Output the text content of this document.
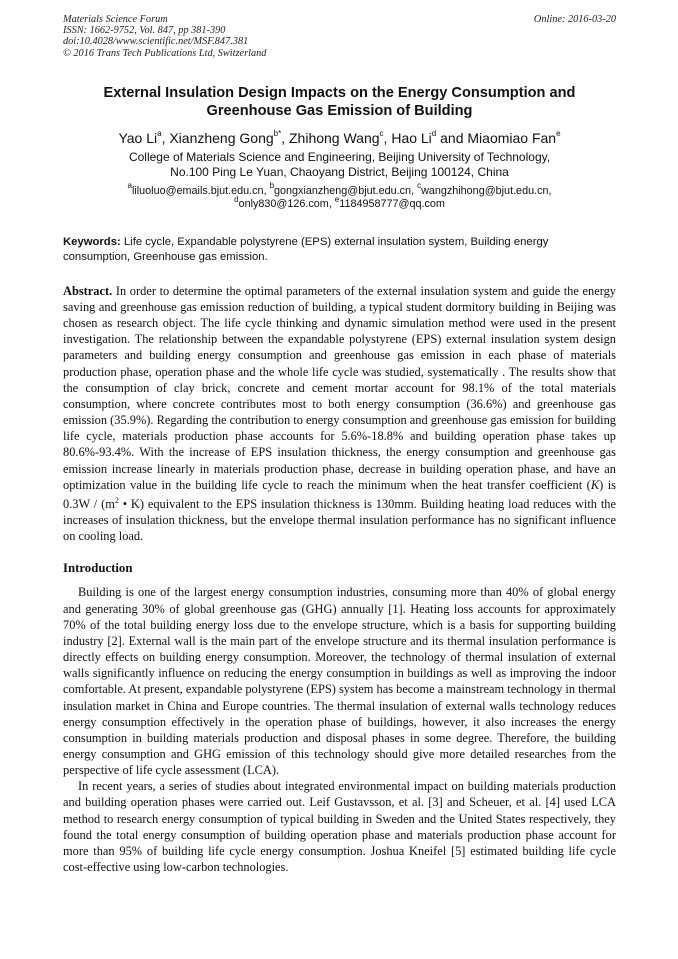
Materials Science Forum
ISSN: 1662-9752, Vol. 847, pp 381-390
doi:10.4028/www.scientific.net/MSF.847.381
© 2016 Trans Tech Publications Ltd, Switzerland
Online: 2016-03-20
External Insulation Design Impacts on the Energy Consumption and
Greenhouse Gas Emission of Building
Yao Li$^a$, Xianzheng Gong$^{b*}$, Zhihong Wang$^c$, Hao Li$^d$ and Miaomiao Fan$^e$
College of Materials Science and Engineering, Beijing University of Technology,
No.100 Ping Le Yuan, Chaoyang District, Beijing 100124, China
$^a$liluoluo@emails.bjut.edu.cn, $^b$gongxianzheng@bjut.edu.cn, $^c$wangzhihong@bjut.edu.cn,
$^d$only830@126.com, $^e$1184958777@qq.com
Keywords: Life cycle, Expandable polystyrene (EPS) external insulation system, Building energy consumption, Greenhouse gas emission.
Abstract. In order to determine the optimal parameters of the external insulation system and guide the energy saving and greenhouse gas emission reduction of building, a typical student dormitory building in Beijing was chosen as research object. The life cycle thinking and dynamic simulation method were used in the present investigation. The relationship between the expandable polystyrene (EPS) external insulation system design parameters and building energy consumption and greenhouse gas emission in each phase of materials production phase, operation phase and the whole life cycle was studied, systematically . The results show that the consumption of clay brick, concrete and cement mortar account for 98.1% of the total materials consumption, where concrete contributes most to both energy consumption (36.6%) and greenhouse gas emission (35.9%). Regarding the contribution to energy consumption and greenhouse gas emission for building life cycle, materials production phase accounts for 5.6%-18.8% and building operation phase takes up 80.6%-93.4%. With the increase of EPS insulation thickness, the energy consumption and greenhouse gas emission increase linearly in materials production phase, decrease in building operation phase, and have an optimization value in the building life cycle to reach the minimum when the heat transfer coefficient (K) is $0.3W / (m^2$ • K) equivalent to the EPS insulation thickness is 130mm. Building heating load reduces with the increases of insulation thickness, but the envelope thermal insulation performance has no significant influence on cooling load.
Introduction
Building is one of the largest energy consumption industries, consuming more than 40% of global energy and generating 30% of global greenhouse gas (GHG) annually [1]. Heating loss accounts for approximately 70% of the total building energy loss due to the envelope structure, which is a basis for supporting building industry [2]. External wall is the main part of the envelope structure and its thermal insulation performance is directly effects on building energy consumption. Moreover, the technology of thermal insulation of external walls significantly influence on reducing the energy consumption in buildings as well as improving the indoor comfortable. At present, expandable polystyrene (EPS) system has become a mainstream technology in thermal insulation market in China and Europe countries. The thermal insulation of external walls technology reduces energy consumption effectively in the operation phase of buildings, however, it also increases the energy consumption in building materials production and disposal phases in some degree. Therefore, the building energy consumption and GHG emission of this technology should give more detailed researches from the perspective of life cycle assessment (LCA).
In recent years, a series of studies about integrated environmental impact on building materials production and building operation phases were carried out. Leif Gustavsson, et al. [3] and Scheuer, et al. [4] used LCA method to research energy consumption of typical building in Sweden and the United States respectively, they found the total energy consumption of building operation phase and materials production phase account for more than 95% of building life cycle energy consumption. Joshua Kneifel [5] estimated building life cycle cost-effective using low-carbon technologies.
